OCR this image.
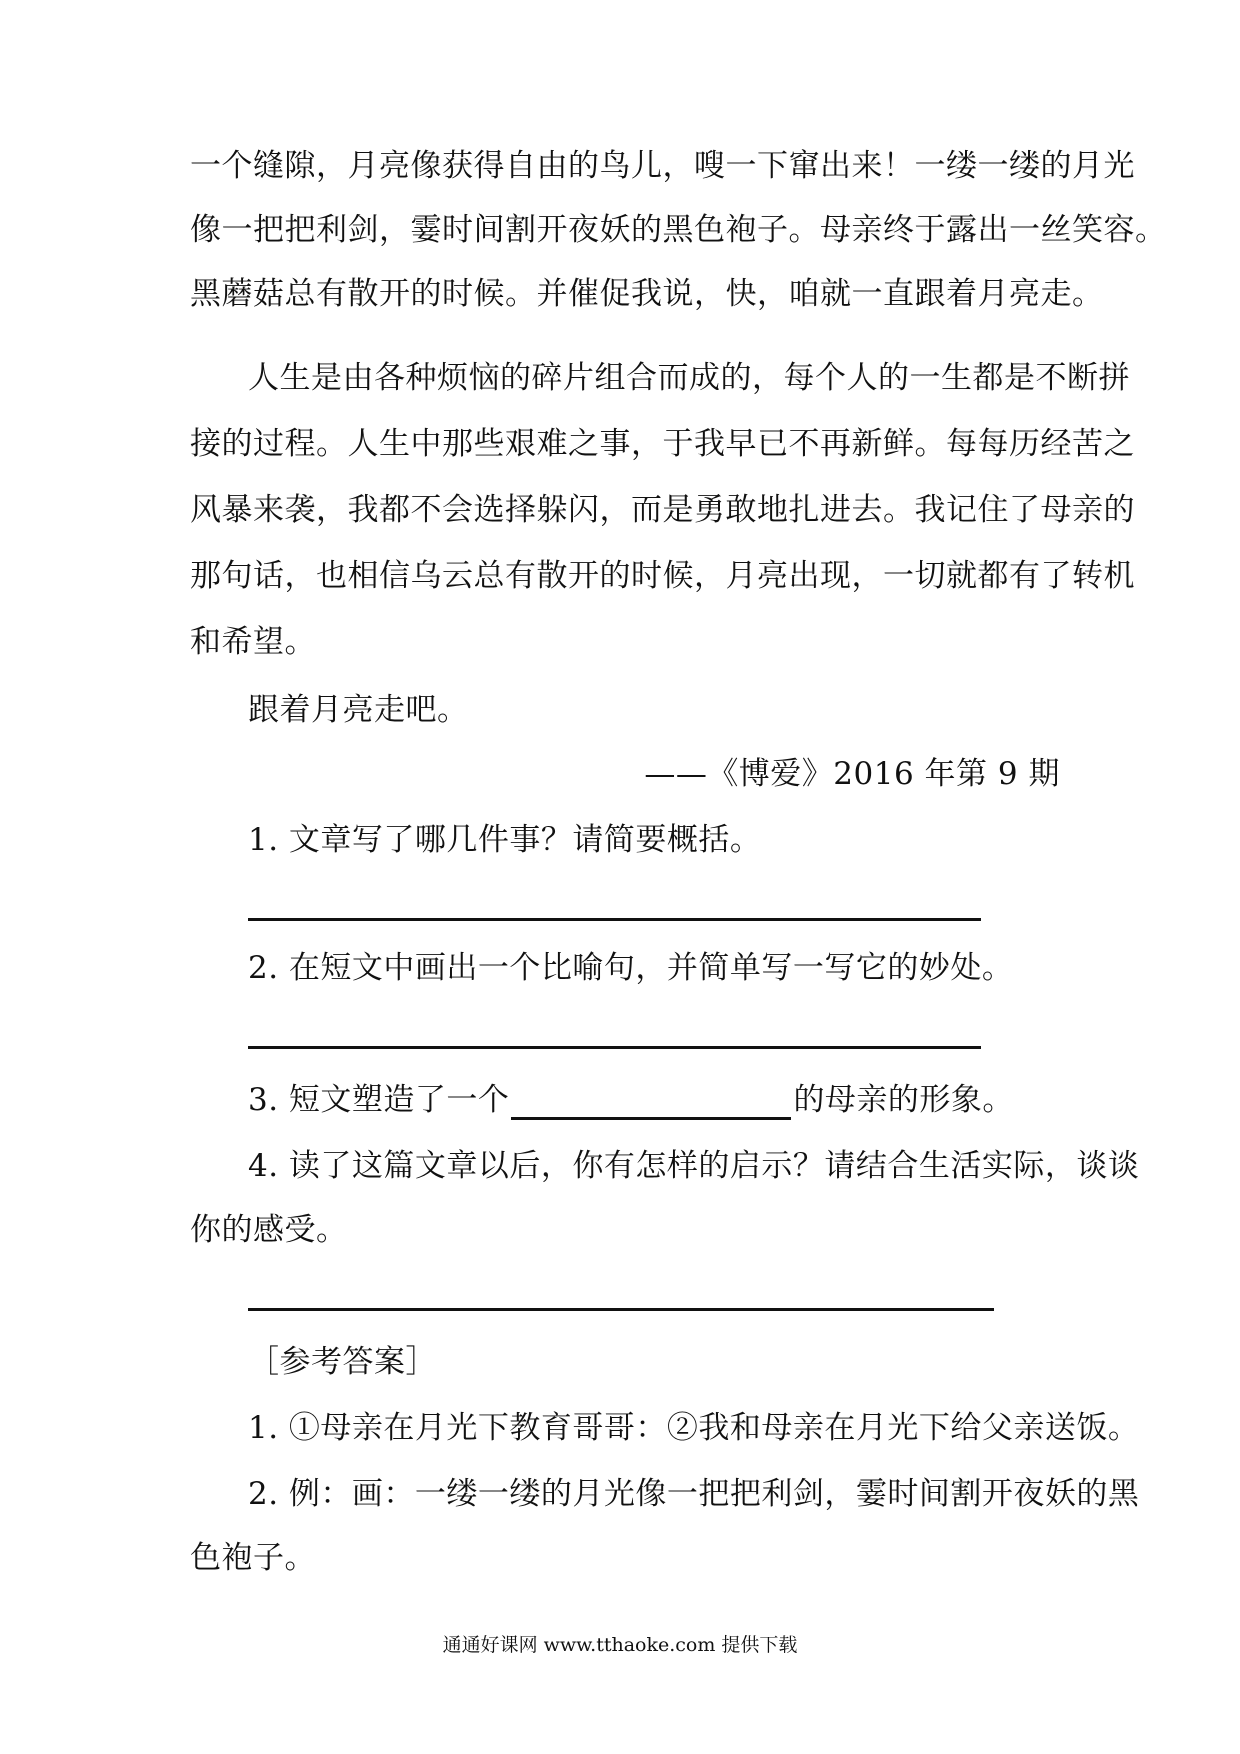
一个缝隙，月亮像获得自由的鸟儿，嗖一下窜出来！一缕一缕的月光
像一把把利剑，霎时间割开夜妖的黑色袍子。母亲终于露出一丝笑容。
黑蘑菇总有散开的时候。并催促我说，快，咱就一直跟着月亮走。
人生是由各种烦恼的碎片组合而成的，每个人的一生都是不断拼
接的过程。人生中那些艰难之事，于我早已不再新鲜。每每历经苦之
风暴来袭，我都不会选择躲闪，而是勇敢地扎进去。我记住了母亲的
那句话，也相信乌云总有散开的时候，月亮出现，一切就都有了转机
和希望。
跟着月亮走吧。
——《博爱》2016 年第 9 期
1. 文章写了哪几件事？请简要概括。
2. 在短文中画出一个比喻句，并简单写一写它的妙处。
3. 短文塑造了一个	的母亲的形象。
4. 读了这篇文章以后，你有怎样的启示？请结合生活实际，谈谈
你的感受。
［参考答案］
1. ①母亲在月光下教育哥哥：②我和母亲在月光下给父亲送饭。
2. 例：画：一缕一缕的月光像一把把利剑，霎时间割开夜妖的黑
色袍子。
通通好课网 www.tthaoke.com 提供下载
